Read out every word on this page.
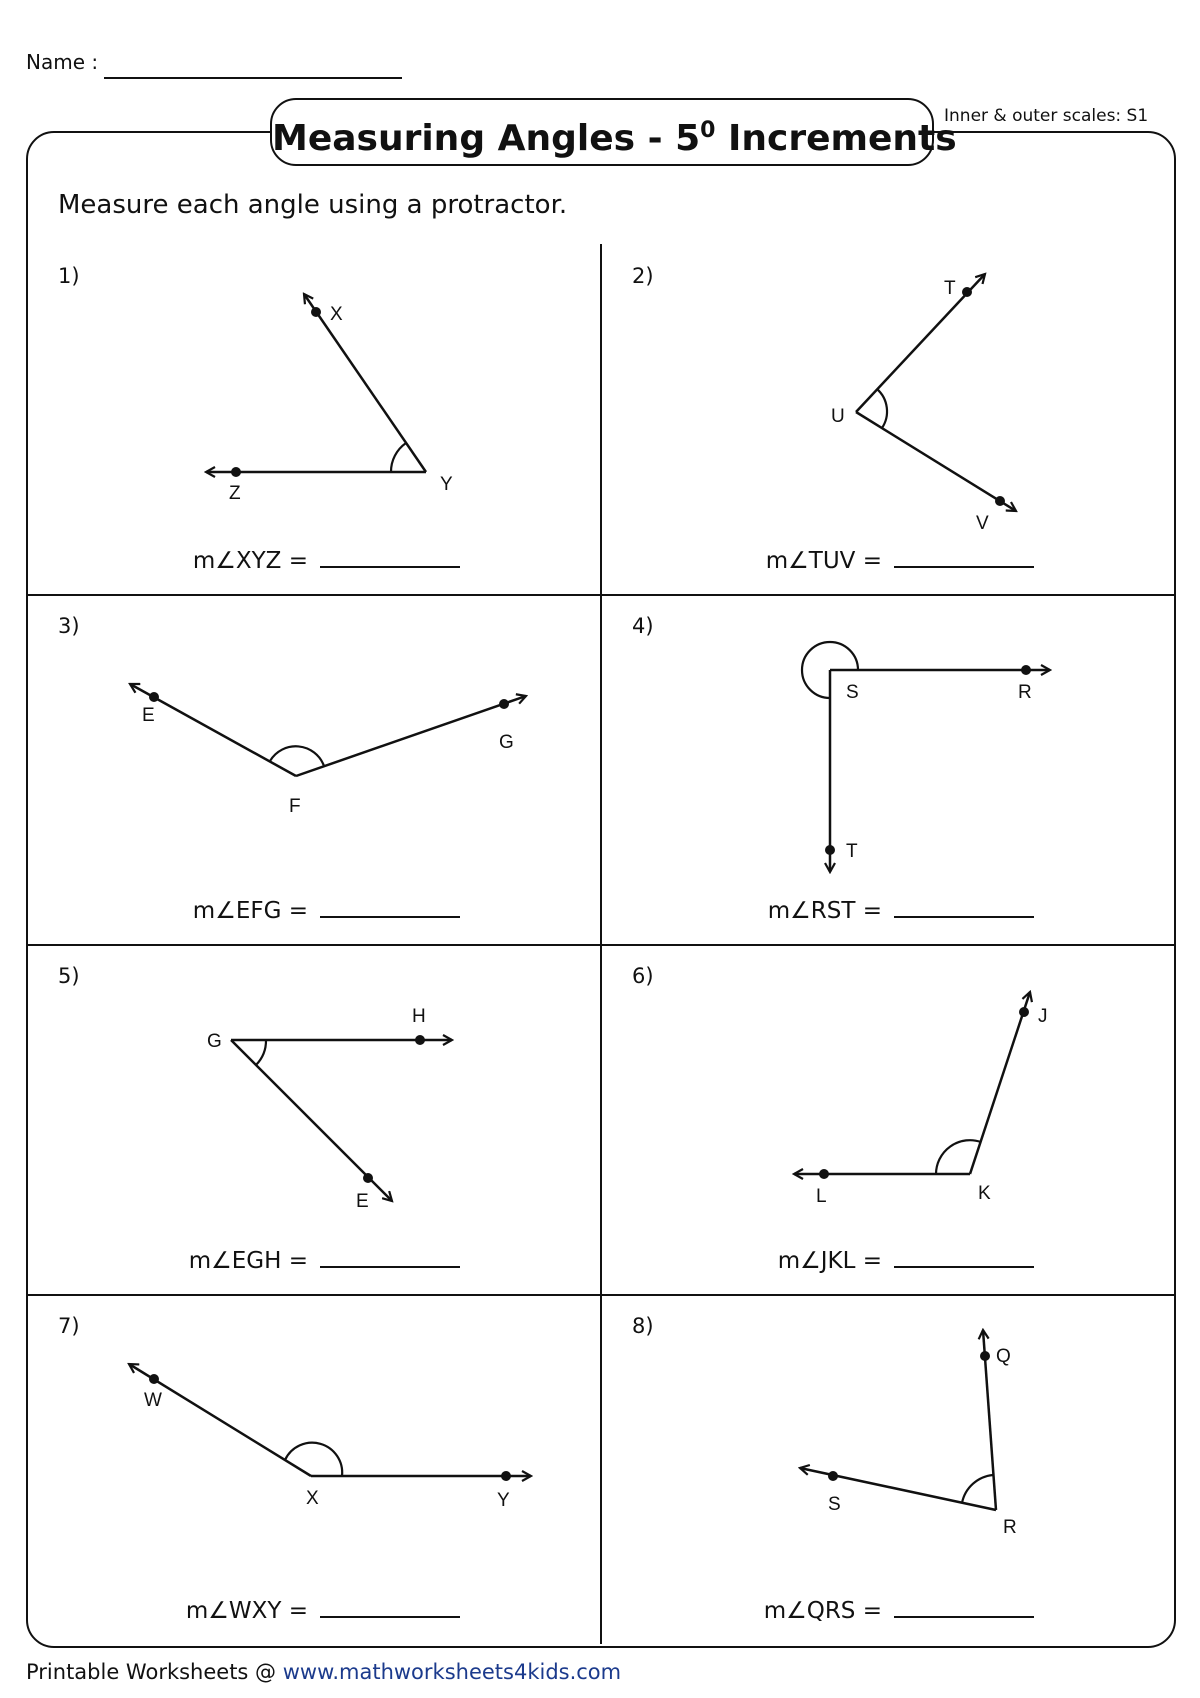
Name :
Measuring Angles - $5^0$ Increments
Inner & outer scales: S1
Measure each angle using a protractor.
1)
X
Z	Y
m∠XYZ =
2)
T
U
V
m∠TUV =
3)
E
F
G
m∠EFG =
4)
S	R
T
m∠RST =
5)
G
H
E
m∠EGH =
6)
J
L	K
m∠JKL =
7)
W
X	Y
m∠WXY =
8)
Q
S
R
m∠QRS =
Printable Worksheets @ www.mathworksheets4kids.com
